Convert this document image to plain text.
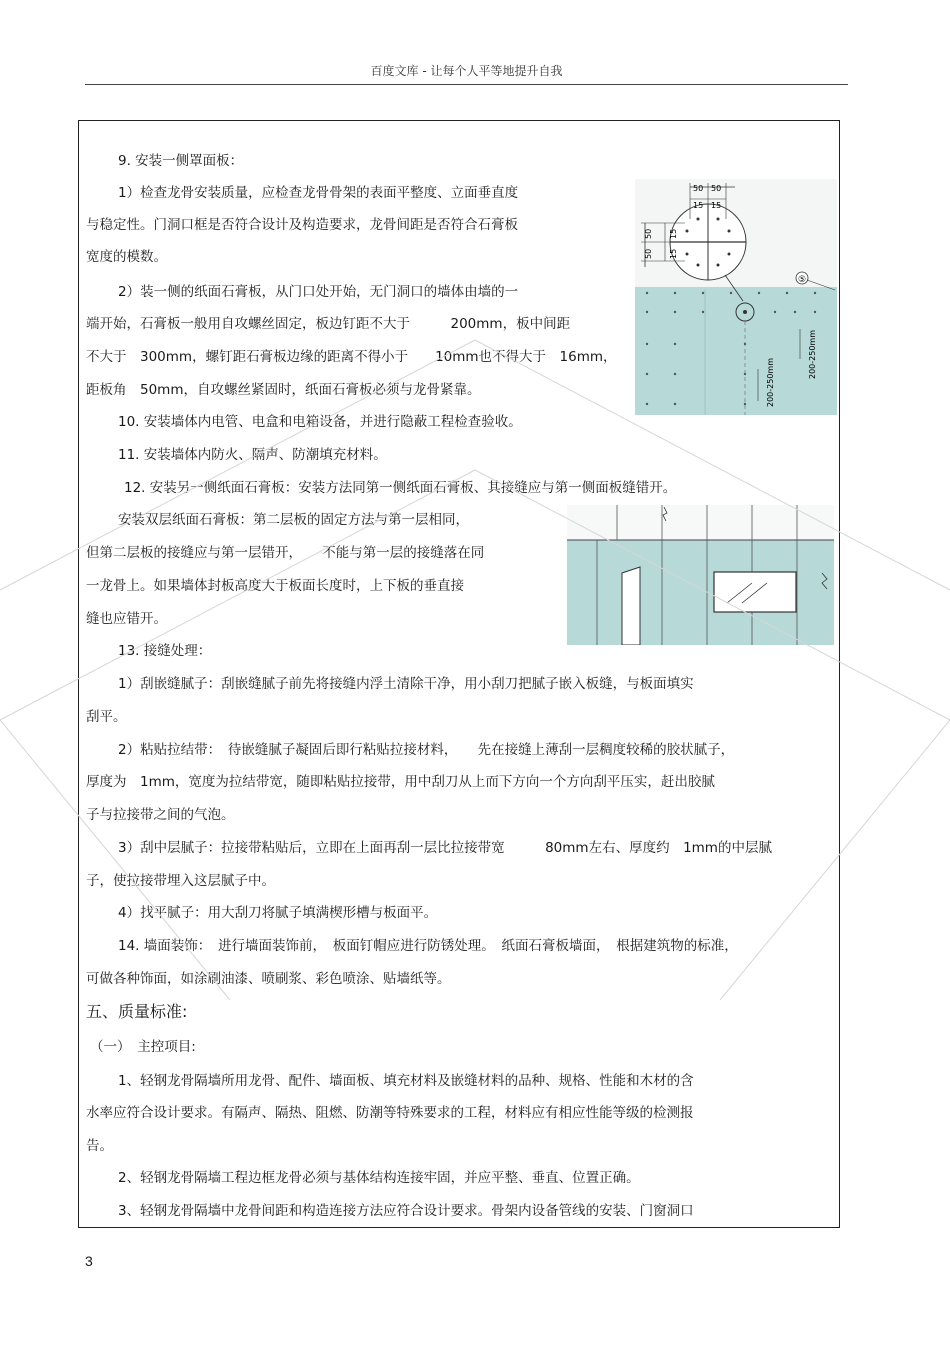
百度文库 - 让每个人平等地提升自我
9. 安装一侧罩面板：
1）检查龙骨安装质量，应检查龙骨骨架的表面平整度、立面垂直度
与稳定性。门洞口框是否符合设计及构造要求，龙骨间距是否符合石膏板
宽度的模数。
2）装一侧的纸面石膏板，从门口处开始，无门洞口的墙体由墙的一
端开始，石膏板一般用自攻螺丝固定，板边钉距不大于　　　200mm，板中间距
不大于　300mm，螺钉距石膏板边缘的距离不得小于　　10mm也不得大于　16mm，
距板角　50mm，自攻螺丝紧固时，纸面石膏板必须与龙骨紧靠。
10. 安装墙体内电管、电盒和电箱设备，并进行隐蔽工程检查验收。
11. 安装墙体内防火、隔声、防潮填充材料。
12. 安装另一侧纸面石膏板：安装方法同第一侧纸面石膏板、其接缝应与第一侧面板缝错开。
安装双层纸面石膏板：第二层板的固定方法与第一层相同，
但第二层板的接缝应与第一层错开，　　不能与第一层的接缝落在同
一龙骨上。如果墙体封板高度大于板面长度时，上下板的垂直接
缝也应错开。
13. 接缝处理：
1）刮嵌缝腻子：刮嵌缝腻子前先将接缝内浮土清除干净，用小刮刀把腻子嵌入板缝，与板面填实
刮平。
2）粘贴拉结带：　待嵌缝腻子凝固后即行粘贴拉接材料，　　先在接缝上薄刮一层稠度较稀的胶状腻子，
厚度为　1mm，宽度为拉结带宽，随即粘贴拉接带，用中刮刀从上而下方向一个方向刮平压实，赶出胶腻
子与拉接带之间的气泡。
3）刮中层腻子：拉接带粘贴后，立即在上面再刮一层比拉接带宽　　　80mm左右、厚度约　1mm的中层腻
子，使拉接带埋入这层腻子中。
4）找平腻子：用大刮刀将腻子填满楔形槽与板面平。
14. 墙面装饰：　进行墙面装饰前，　板面钉帽应进行防锈处理。　纸面石膏板墙面，　根据建筑物的标准，
可做各种饰面，如涂刷油漆、喷刷浆、彩色喷涂、贴墙纸等。
五、质量标准:
（一）　主控项目:
1、轻钢龙骨隔墙所用龙骨、配件、墙面板、填充材料及嵌缝材料的品种、规格、性能和木材的含
水率应符合设计要求。有隔声、隔热、阻燃、防潮等特殊要求的工程，材料应有相应性能等级的检测报
告。
2、轻钢龙骨隔墙工程边框龙骨必须与基体结构连接牢固，并应平整、垂直、位置正确。
3、轻钢龙骨隔墙中龙骨间距和构造连接方法应符合设计要求。骨架内设备管线的安装、门窗洞口
50 50
15 15
50
50
15
15
⑤
200-250mm
200-250mm
3
